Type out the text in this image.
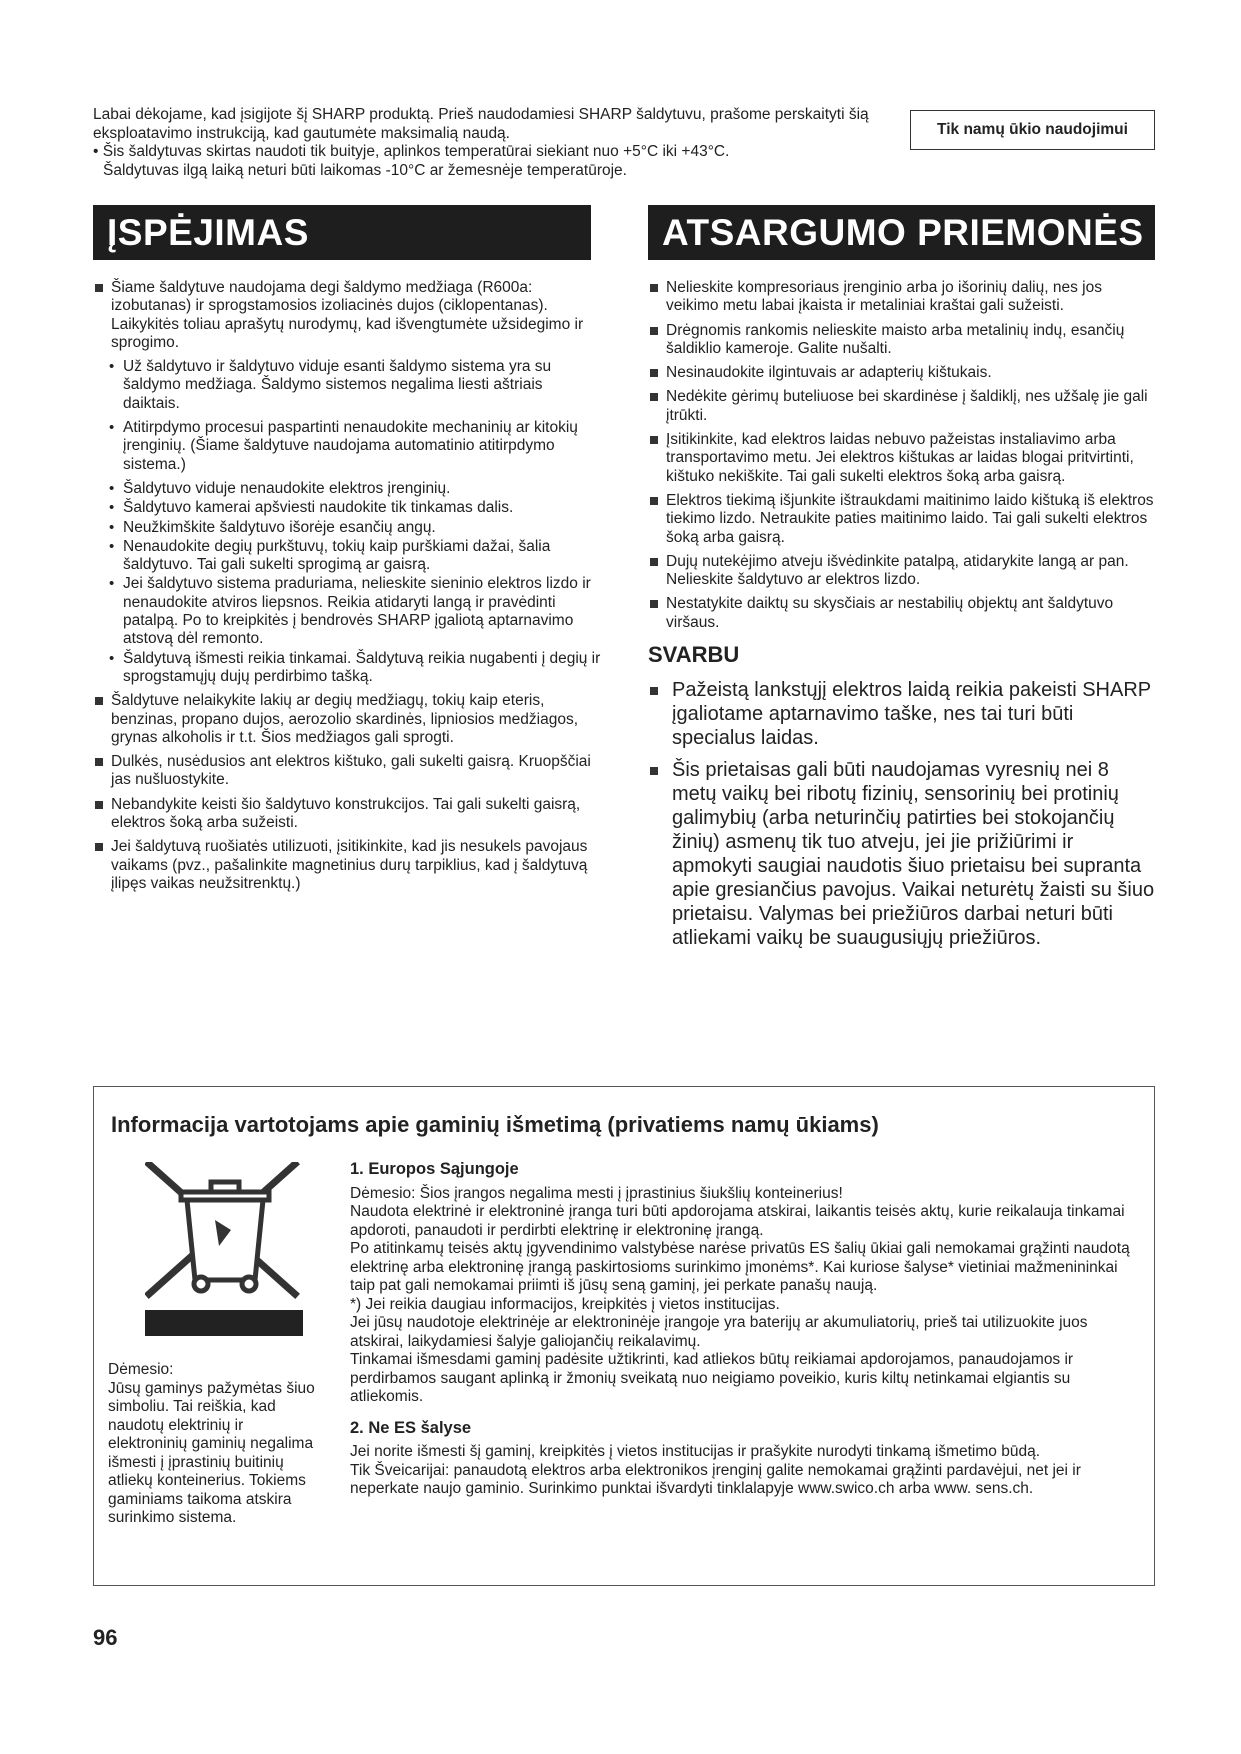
Labai dėkojame, kad įsigijote šį SHARP produktą. Prieš naudodamiesi SHARP šaldytuvu, prašome perskaityti šią eksploatavimo instrukciją, kad gautumėte maksimalią naudą.

• Šis šaldytuvas skirtas naudoti tik buityje, aplinkos temperatūrai siekiant nuo +5°C iki +43°C.

Šaldytuvas ilgą laiką neturi būti laikomas -10°C ar žemesnėje temperatūroje.

Tik namų ūkio naudojimui
ĮSPĖJIMAS
Šiame šaldytuve naudojama degi šaldymo medžiaga (R600a: izobutanas) ir sprogstamosios izoliacinės dujos (ciklopentanas). Laikykitės toliau aprašytų nurodymų, kad išvengtumėte užsidegimo ir sprogimo.
• Už šaldytuvo ir šaldytuvo viduje esanti šaldymo sistema yra su šaldymo medžiaga. Šaldymo sistemos negalima liesti aštriais daiktais.
• Atitirpdymo procesui paspartinti nenaudokite mechaninių ar kitokių įrenginių. (Šiame šaldytuve naudojama automatinio atitirpdymo sistema.)
• Šaldytuvo viduje nenaudokite elektros įrenginių.
• Šaldytuvo kamerai apšviesti naudokite tik tinkamas dalis.
• Neužkimškite šaldytuvo išorėje esančių angų.
• Nenaudokite degių purkštuvų, tokių kaip purškiami dažai, šalia šaldytuvo. Tai gali sukelti sprogimą ar gaisrą.
• Jei šaldytuvo sistema praduriama, nelieskite sieninio elektros lizdo ir nenaudokite atviros liepsnos. Reikia atidaryti langą ir pravėdinti patalpą. Po to kreipkitės į bendrovės SHARP įgaliotą aptarnavimo atstovą dėl remonto.
• Šaldytuvą išmesti reikia tinkamai. Šaldytuvą reikia nugabenti į degių ir sprogstamųjų dujų perdirbimo tašką.
Šaldytuve nelaikykite lakių ar degių medžiagų, tokių kaip eteris, benzinas, propano dujos, aerozolio skardinės, lipniosios medžiagos, grynas alkoholis ir t.t. Šios medžiagos gali sprogti.
Dulkės, nusėdusios ant elektros kištuko, gali sukelti gaisrą. Kruopščiai jas nušluostykite.
Nebandykite keisti šio šaldytuvo konstrukcijos. Tai gali sukelti gaisrą, elektros šoką arba sužeisti.
Jei šaldytuvą ruošiatės utilizuoti, įsitikinkite, kad jis nesukels pavojaus vaikams (pvz., pašalinkite magnetinius durų tarpiklius, kad į šaldytuvą įlipęs vaikas neužsitrenktų.)
ATSARGUMO PRIEMONĖS
Nelieskite kompresoriaus įrenginio arba jo išorinių dalių, nes jos veikimo metu labai įkaista ir metaliniai kraštai gali sužeisti.
Drėgnomis rankomis nelieskite maisto arba metalinių indų, esančių šaldiklio kameroje. Galite nušalti.
Nesinaudokite ilgintuvais ar adapterių kištukais.
Nedėkite gėrimų buteliuose bei skardinėse į šaldiklį, nes užšalę jie gali įtrūkti.
Įsitikinkite, kad elektros laidas nebuvo pažeistas instaliavimo arba transportavimo metu. Jei elektros kištukas ar laidas blogai pritvirtinti, kištuko nekiškite. Tai gali sukelti elektros šoką arba gaisrą.
Elektros tiekimą išjunkite ištraukdami maitinimo laido kištuką iš elektros tiekimo lizdo. Netraukite paties maitinimo laido. Tai gali sukelti elektros šoką arba gaisrą.
Dujų nutekėjimo atveju išvėdinkite patalpą, atidarykite langą ar pan. Nelieskite šaldytuvo ar elektros lizdo.
Nestatykite daiktų su skysčiais ar nestabilių objektų ant šaldytuvo viršaus.
SVARBU
Pažeistą lankstųjį elektros laidą reikia pakeisti SHARP įgaliotame aptarnavimo taške, nes tai turi būti specialus laidas.
Šis prietaisas gali būti naudojamas vyresnių nei 8 metų vaikų bei ribotų fizinių, sensorinių bei protinių galimybių (arba neturinčių patirties bei stokojančių žinių) asmenų tik tuo atveju, jei jie prižiūrimi ir apmokyti saugiai naudotis šiuo prietaisu bei supranta apie gresiančius pavojus. Vaikai neturėtų žaisti su šiuo prietaisu. Valymas bei priežiūros darbai neturi būti atliekami vaikų be suaugusiųjų priežiūros.
Informacija vartotojams apie gaminių išmetimą (privatiems namų ūkiams)
Dėmesio:
Jūsų gaminys pažymėtas šiuo simboliu. Tai reiškia, kad naudotų elektrinių ir elektroninių gaminių negalima išmesti į įprastinių buitinių atliekų konteinerius. Tokiems gaminiams taikoma atskira surinkimo sistema.

1. Europos Sąjungoje

Dėmesio: Šios įrangos negalima mesti į įprastinius šiukšlių konteinerius!

Naudota elektrinė ir elektroninė įranga turi būti apdorojama atskirai, laikantis teisės aktų, kurie reikalauja tinkamai apdoroti, panaudoti ir perdirbti elektrinę ir elektroninę įrangą.

Po atitinkamų teisės aktų įgyvendinimo valstybėse narėse privatūs ES šalių ūkiai gali nemokamai grąžinti naudotą elektrinę arba elektroninę įrangą paskirtosioms surinkimo įmonėms*. Kai kuriose šalyse* vietiniai mažmenininkai taip pat gali nemokamai priimti iš jūsų seną gaminį, jei perkate panašų naują.

*) Jei reikia daugiau informacijos, kreipkitės į vietos institucijas.

Jei jūsų naudotoje elektrinėje ar elektroninėje įrangoje yra baterijų ar akumuliatorių, prieš tai utilizuokite juos atskirai, laikydamiesi šalyje galiojančių reikalavimų.

Tinkamai išmesdami gaminį padėsite užtikrinti, kad atliekos būtų reikiamai apdorojamos, panaudojamos ir perdirbamos saugant aplinką ir žmonių sveikatą nuo neigiamo poveikio, kuris kiltų netinkamai elgiantis su atliekomis.

2. Ne ES šalyse

Jei norite išmesti šį gaminį, kreipkitės į vietos institucijas ir prašykite nurodyti tinkamą išmetimo būdą.

Tik Šveicarijai: panaudotą elektros arba elektronikos įrenginį galite nemokamai grąžinti pardavėjui, net jei ir neperkate naujo gaminio. Surinkimo punktai išvardyti tinklalapyje www.swico.ch arba www. sens.ch.

96
